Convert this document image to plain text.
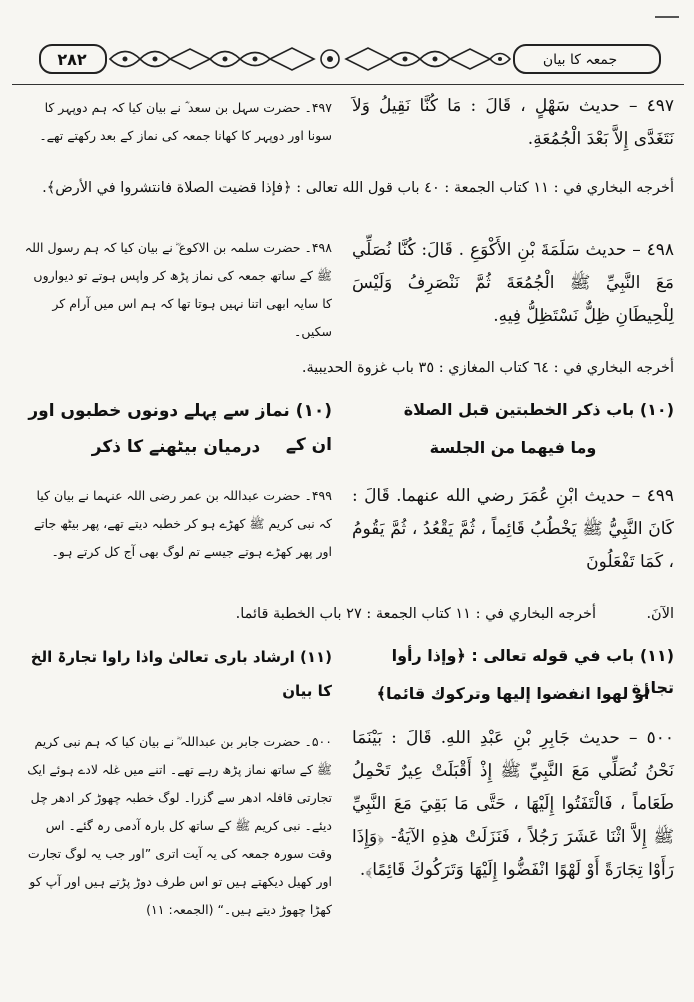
۲۸۲	جمعہ کا بیان
٤٩٧ – حديث سَهْلٍ ، قَالَ : مَا كُنَّا نَقِيلُ وَلاَ نَتَغَدَّى إِلاَّ بَعْدَ الْجُمُعَةِ.
۴۹۷۔ حضرت سہل بن سعد ؓ نے بیان کیا کہ ہم دوپہر کا سونا اور دوپہر کا کھانا جمعہ کی نماز کے بعد رکھتے تھے۔
أخرجه البخاري في : ١١ كتاب الجمعة : ٤٠ باب قول الله تعالى : ﴿فإذا قضيت الصلاة فانتشروا في الأرض﴾.
٤٩٨ – حديث سَلَمَةَ بْنِ الأَكْوَعِ . قَالَ: كُنَّا نُصَلِّي مَعَ النَّبِيِّ ﷺ الْجُمُعَةَ ثُمَّ نَنْصَرِفُ وَلَيْسَ لِلْحِيطَانِ ظِلٌّ نَسْتَظِلُّ فِيهِ.
۴۹۸۔ حضرت سلمہ بن الاکوع ؓ نے بیان کیا کہ ہم رسول اللہ ﷺ کے ساتھ جمعہ کی نماز پڑھ کر واپس ہوتے تو دیواروں کا سایہ ابھی اتنا نہیں ہوتا تھا کہ ہم اس میں آرام کر سکیں۔
أخرجه البخاري في : ٦٤ كتاب المغازي : ٣٥ باب غزوة الحديبية.
(١٠) باب ذكر الخطبتين قبل الصلاة
وما فيهما من الجلسة
(۱۰) نماز سے پہلے دونوں خطبوں اور ان کے
درمیان بیٹھنے کا ذکر
٤٩٩ – حديث ابْنِ عُمَرَ رضي الله عنهما. قَالَ : كَانَ النَّبِيُّ ﷺ يَخْطُبُ قَائِماً ، ثُمَّ يَقْعُدُ ، ثُمَّ يَقُومُ ، كَمَا تَفْعَلُونَ
۴۹۹۔ حضرت عبداللہ بن عمر رضی اللہ عنہما نے بیان کیا کہ نبی کریم ﷺ کھڑے ہو کر خطبہ دیتے تھے، پھر بیٹھ جاتے اور پھر کھڑے ہوتے جیسے تم لوگ بھی آج کل کرتے ہو۔
الآنَ.
أخرجه البخاري في : ١١ كتاب الجمعة : ٢٧ باب الخطبة قائما.
(١١) باب في قوله تعالى : ﴿وإذا رأوا تجارة
أو لهوا انفضوا إليها وتركوك قائما﴾
(۱۱) ارشاد باری تعالیٰ واذا راوا تجارۃ الخ کا بیان
٥٠٠ – حديث جَابِرِ بْنِ عَبْدِ اللهِ. قَالَ : بَيْنَمَا نَحْنُ نُصَلِّي مَعَ النَّبِيِّ ﷺ إِذْ أَقْبَلَتْ عِيرٌ تَحْمِلُ طَعَاماً ، فَالْتَفَتُوا إِلَيْهَا ، حَتَّى مَا بَقِيَ مَعَ النَّبِيِّ ﷺ إِلاَّ اثْنَا عَشَرَ رَجُلاً ، فَنَزَلَتْ هذِهِ الآيَةُ- ﴿وَإِذَا رَأَوْا تِجَارَةً أَوْ لَهْوًا انْفَضُّوا إِلَيْهَا وَتَرَكُوكَ قَائِمًا﴾.
۵۰۰۔ حضرت جابر بن عبداللہ ؓ نے بیان کیا کہ ہم نبی کریم ﷺ کے ساتھ نماز پڑھ رہے تھے۔ اتنے میں غلہ لادے ہوئے ایک تجارتی قافلہ ادھر سے گزرا۔ لوگ خطبہ چھوڑ کر ادھر چل دیئے۔ نبی کریم ﷺ کے ساتھ کل بارہ آدمی رہ گئے۔ اس وقت سورہ جمعہ کی یہ آیت اتری ”اور جب یہ لوگ تجارت اور کھیل دیکھتے ہیں تو اس طرف دوڑ پڑتے ہیں اور آپ کو کھڑا چھوڑ دیتے ہیں۔“ (الجمعہ: ۱۱)
